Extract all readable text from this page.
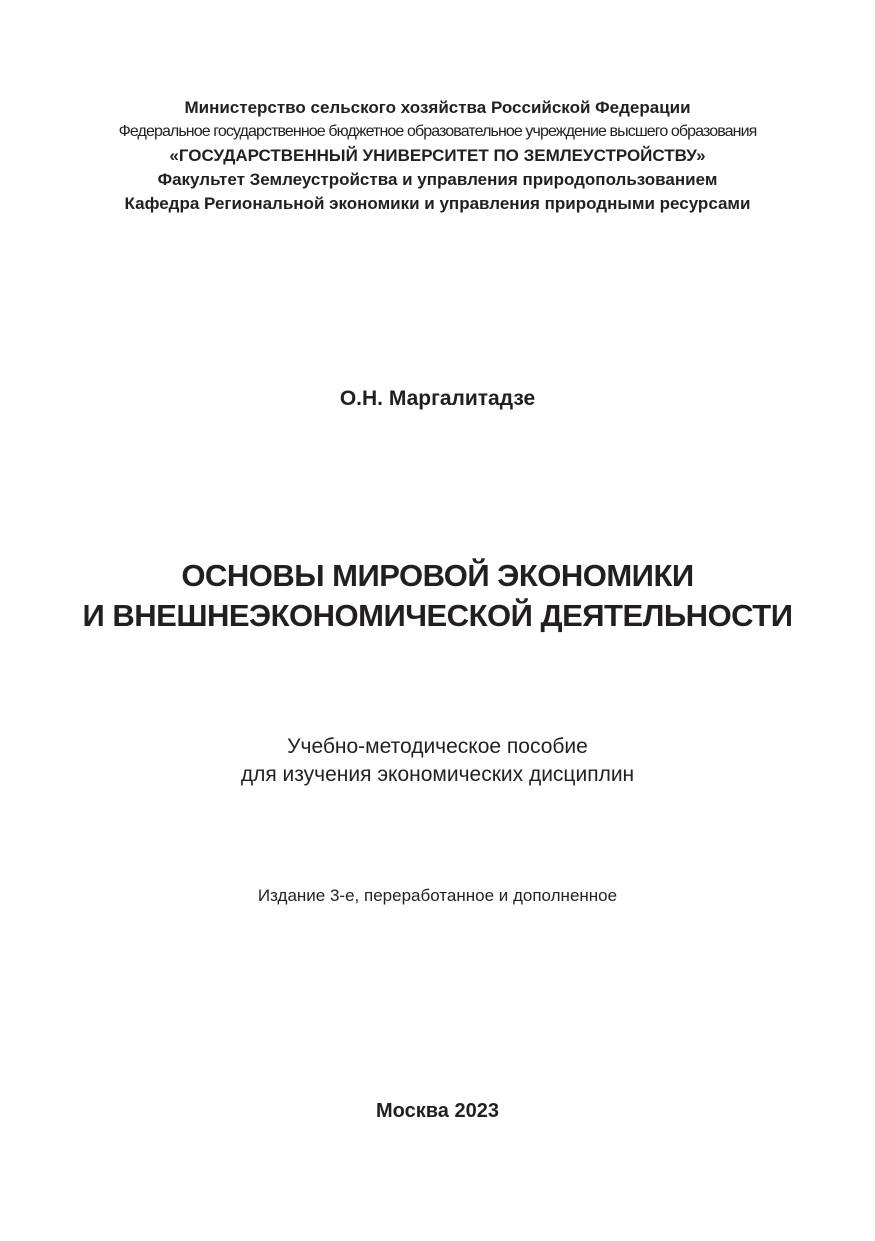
Министерство сельского хозяйства Российской Федерации
Федеральное государственное бюджетное образовательное учреждение высшего образования
«ГОСУДАРСТВЕННЫЙ УНИВЕРСИТЕТ ПО ЗЕМЛЕУСТРОЙСТВУ»
Факультет Землеустройства и управления природопользованием
Кафедра Региональной экономики и управления природными ресурсами
О.Н. Маргалитадзе
ОСНОВЫ МИРОВОЙ ЭКОНОМИКИ
И ВНЕШНЕЭКОНОМИЧЕСКОЙ ДЕЯТЕЛЬНОСТИ
Учебно-методическое пособие
для изучения экономических дисциплин
Издание 3-е, переработанное и дополненное
Москва 2023
